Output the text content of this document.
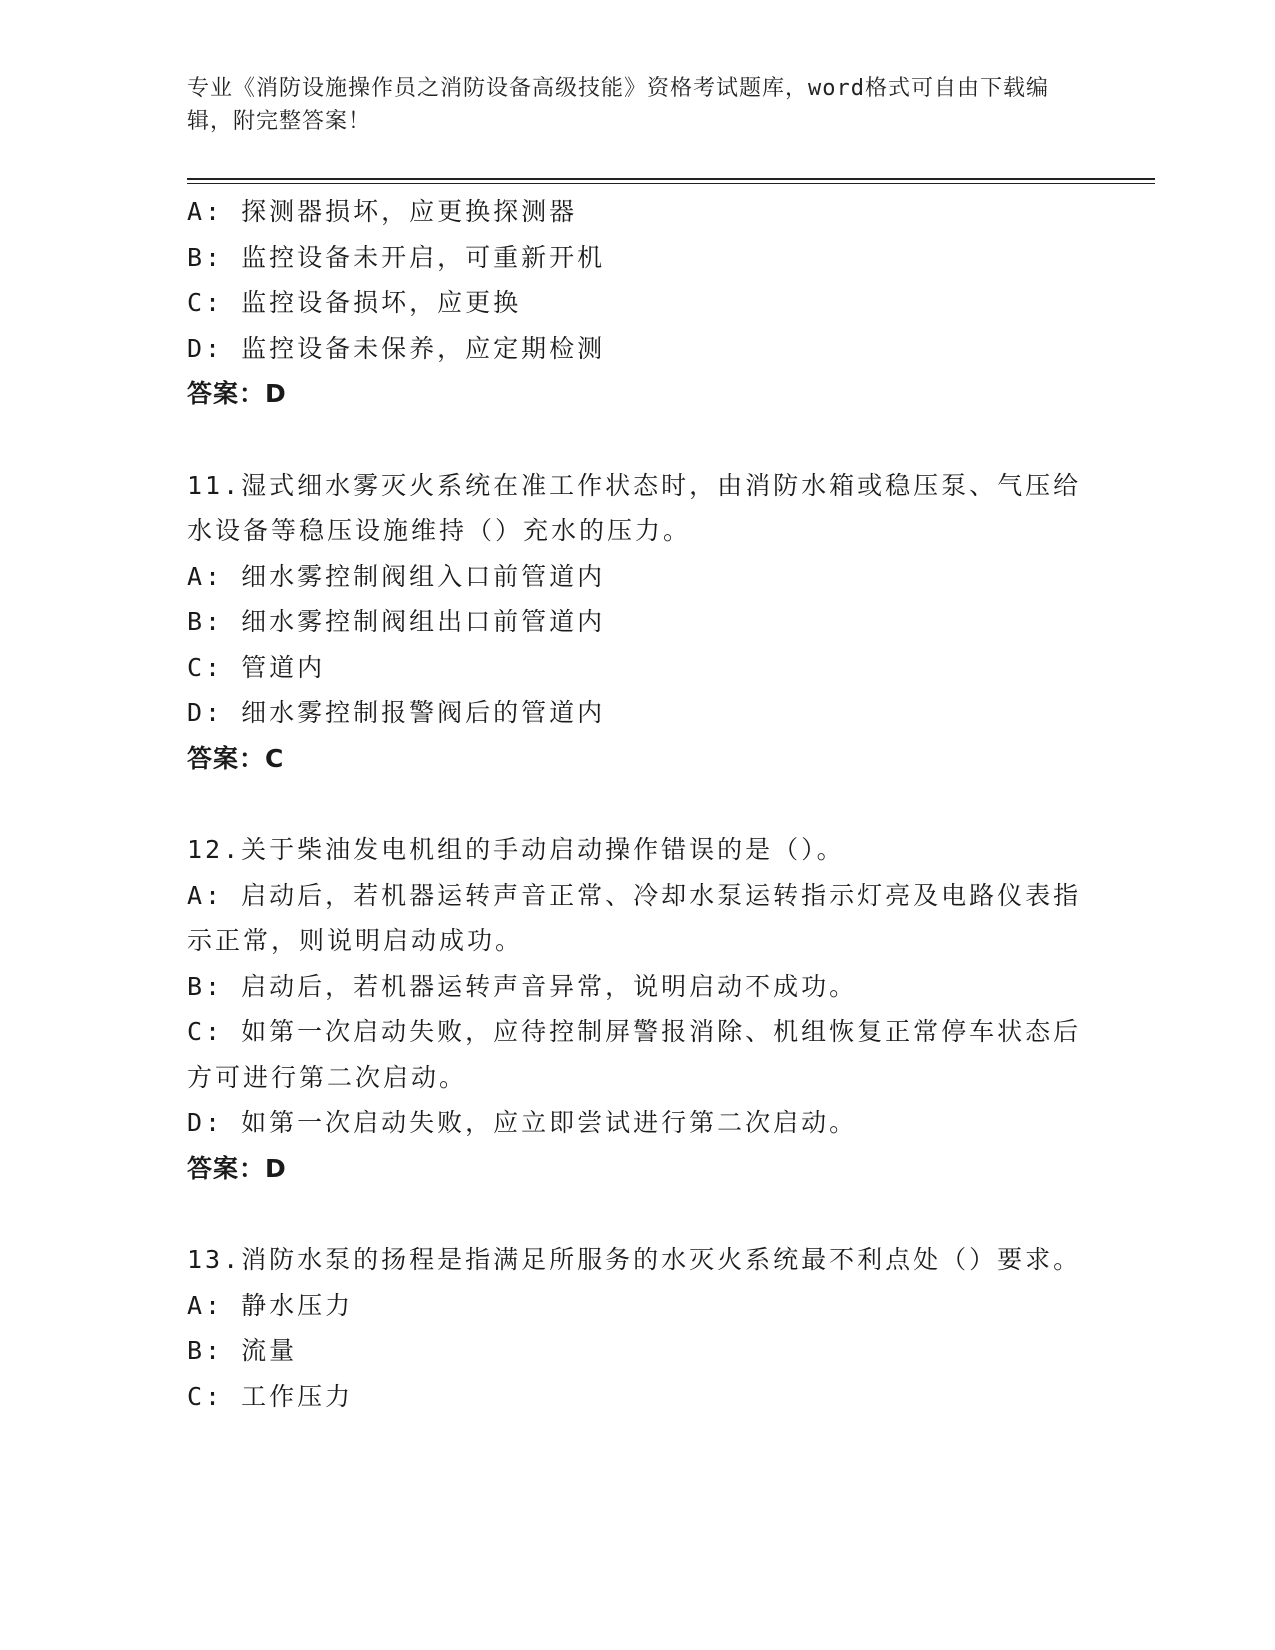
专业《消防设施操作员之消防设备高级技能》资格考试题库，word格式可自由下载编辑，附完整答案！

A: 探测器损坏，应更换探测器

B: 监控设备未开启，可重新开机

C: 监控设备损坏，应更换

D: 监控设备未保养，应定期检测

答案：D

11.湿式细水雾灭火系统在准工作状态时，由消防水箱或稳压泵、气压给水设备等稳压设施维持（）充水的压力。

A: 细水雾控制阀组入口前管道内

B: 细水雾控制阀组出口前管道内

C: 管道内

D: 细水雾控制报警阀后的管道内

答案：C

12.关于柴油发电机组的手动启动操作错误的是（）。

A: 启动后，若机器运转声音正常、冷却水泵运转指示灯亮及电路仪表指示正常，则说明启动成功。

B: 启动后，若机器运转声音异常，说明启动不成功。

C: 如第一次启动失败，应待控制屏警报消除、机组恢复正常停车状态后方可进行第二次启动。

D: 如第一次启动失败，应立即尝试进行第二次启动。

答案：D

13.消防水泵的扬程是指满足所服务的水灭火系统最不利点处（）要求。

A: 静水压力

B: 流量

C: 工作压力
